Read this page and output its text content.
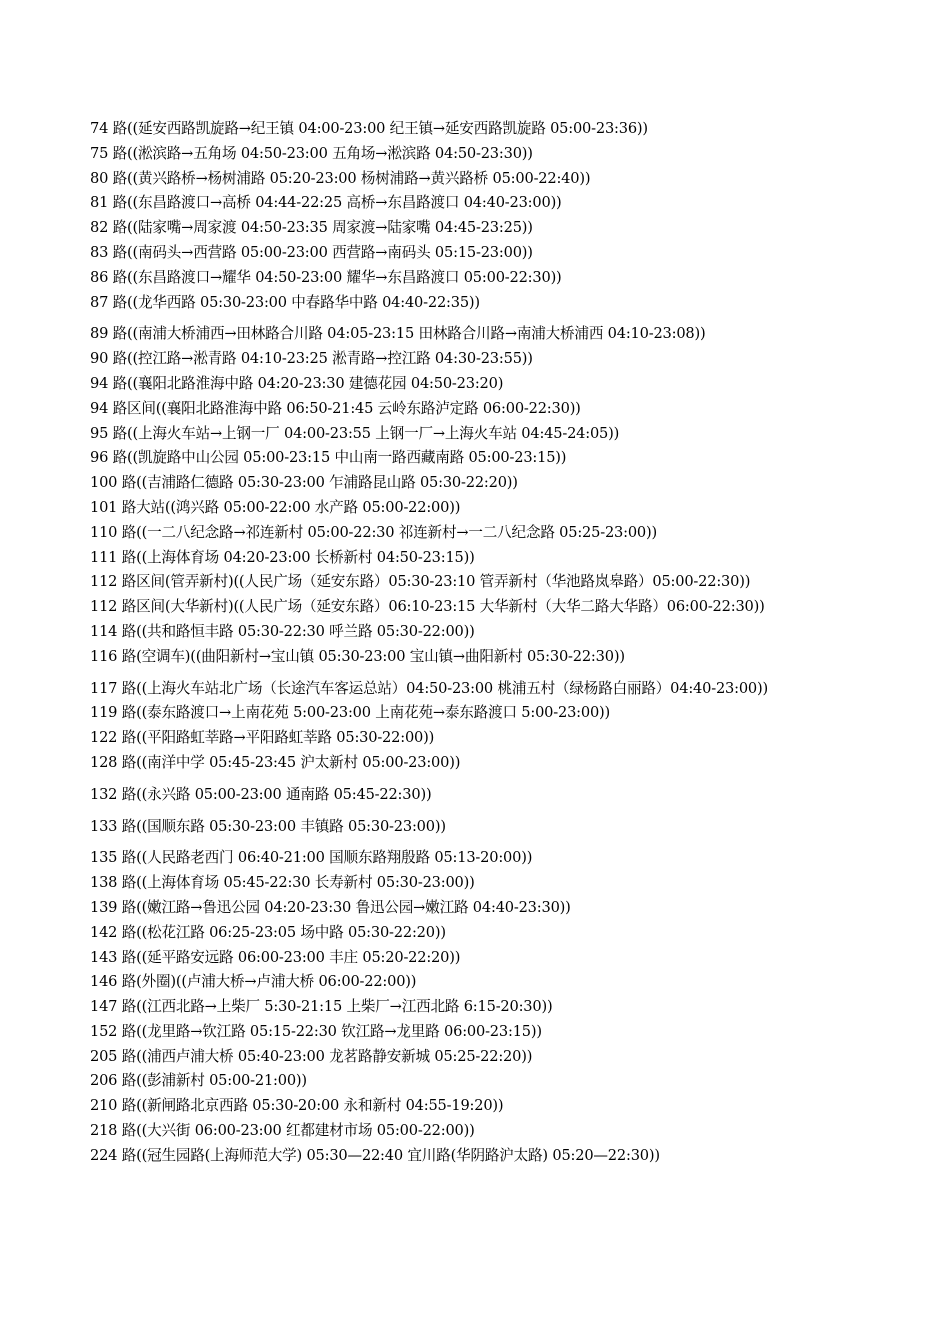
74 路((延安西路凯旋路→纪王镇 04:00-23:00 纪王镇→延安西路凯旋路 05:00-23:36))
75 路((淞滨路→五角场 04:50-23:00 五角场→淞滨路 04:50-23:30))
80 路((黄兴路桥→杨树浦路 05:20-23:00 杨树浦路→黄兴路桥 05:00-22:40))
81 路((东昌路渡口→高桥 04:44-22:25 高桥→东昌路渡口 04:40-23:00))
82 路((陆家嘴→周家渡 04:50-23:35 周家渡→陆家嘴 04:45-23:25))
83 路((南码头→西营路 05:00-23:00 西营路→南码头 05:15-23:00))
86 路((东昌路渡口→耀华 04:50-23:00 耀华→东昌路渡口 05:00-22:30))
87 路((龙华西路 05:30-23:00 中春路华中路 04:40-22:35))
89 路((南浦大桥浦西→田林路合川路 04:05-23:15 田林路合川路→南浦大桥浦西 04:10-23:08))
90 路((控江路→淞青路 04:10-23:25 淞青路→控江路 04:30-23:55))
94 路((襄阳北路淮海中路 04:20-23:30 建德花园 04:50-23:20)
94 路区间((襄阳北路淮海中路 06:50-21:45 云岭东路泸定路 06:00-22:30))
95 路((上海火车站→上钢一厂 04:00-23:55 上钢一厂→上海火车站 04:45-24:05))
96 路((凯旋路中山公园 05:00-23:15 中山南一路西藏南路 05:00-23:15))
100 路((吉浦路仁德路 05:30-23:00 乍浦路昆山路 05:30-22:20))
101 路大站((鸿兴路 05:00-22:00 水产路 05:00-22:00))
110 路((一二八纪念路→祁连新村 05:00-22:30 祁连新村→一二八纪念路 05:25-23:00))
111 路((上海体育场 04:20-23:00 长桥新村 04:50-23:15))
112 路区间(管弄新村)((人民广场（延安东路）05:30-23:10 管弄新村（华池路岚皋路）05:00-22:30))
112 路区间(大华新村)((人民广场（延安东路）06:10-23:15 大华新村（大华二路大华路）06:00-22:30))
114 路((共和路恒丰路 05:30-22:30 呼兰路 05:30-22:00))
116 路(空调车)((曲阳新村→宝山镇 05:30-23:00 宝山镇→曲阳新村 05:30-22:30))
117 路((上海火车站北广场（长途汽车客运总站）04:50-23:00 桃浦五村（绿杨路白丽路）04:40-23:00))
119 路((泰东路渡口→上南花苑 5:00-23:00 上南花苑→泰东路渡口 5:00-23:00))
122 路((平阳路虹莘路→平阳路虹莘路 05:30-22:00))
128 路((南洋中学 05:45-23:45 沪太新村 05:00-23:00))
132 路((永兴路 05:00-23:00 通南路 05:45-22:30))
133 路((国顺东路 05:30-23:00 丰镇路 05:30-23:00))
135 路((人民路老西门 06:40-21:00 国顺东路翔殷路 05:13-20:00))
138 路((上海体育场 05:45-22:30 长寿新村 05:30-23:00))
139 路((嫩江路→鲁迅公园 04:20-23:30 鲁迅公园→嫩江路 04:40-23:30))
142 路((松花江路 06:25-23:05 场中路 05:30-22:20))
143 路((延平路安远路 06:00-23:00 丰庄 05:20-22:20))
146 路(外圈)((卢浦大桥→卢浦大桥 06:00-22:00))
147 路((江西北路→上柴厂 5:30-21:15 上柴厂→江西北路 6:15-20:30))
152 路((龙里路→钦江路 05:15-22:30 钦江路→龙里路 06:00-23:15))
205 路((浦西卢浦大桥 05:40-23:00 龙茗路静安新城 05:25-22:20))
206 路((彭浦新村 05:00-21:00))
210 路((新闸路北京西路 05:30-20:00 永和新村 04:55-19:20))
218 路((大兴街 06:00-23:00 红都建材市场 05:00-22:00))
224 路((冠生园路(上海师范大学) 05:30—22:40 宜川路(华阴路沪太路) 05:20—22:30))
